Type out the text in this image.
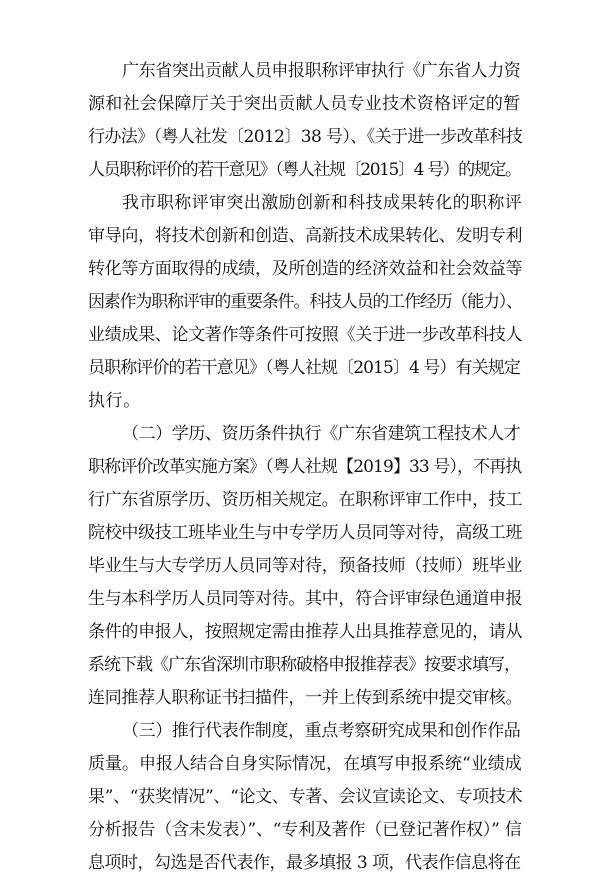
广东省突出贡献人员申报职称评审执行《广东省人力资
源和社会保障厅关于突出贡献人员专业技术资格评定的暂
行办法》（粤人社发〔2012〕38 号）、《关于进一步改革科技
人员职称评价的若干意见》（粤人社规〔2015〕4 号）的规定。
我市职称评审突出激励创新和科技成果转化的职称评
审导向，将技术创新和创造、高新技术成果转化、发明专利
转化等方面取得的成绩，及所创造的经济效益和社会效益等
因素作为职称评审的重要条件。科技人员的工作经历（能力）、
业绩成果、论文著作等条件可按照《关于进一步改革科技人
员职称评价的若干意见》（粤人社规〔2015〕4 号）有关规定
执行。
（二）学历、资历条件执行《广东省建筑工程技术人才
职称评价改革实施方案》（粤人社规【2019】33 号），不再执
行广东省原学历、资历相关规定。在职称评审工作中，技工
院校中级技工班毕业生与中专学历人员同等对待，高级工班
毕业生与大专学历人员同等对待，预备技师（技师）班毕业
生与本科学历人员同等对待。其中，符合评审绿色通道申报
条件的申报人，按照规定需由推荐人出具推荐意见的，请从
系统下载《广东省深圳市职称破格申报推荐表》按要求填写，
连同推荐人职称证书扫描件，一并上传到系统中提交审核。
（三）推行代表作制度，重点考察研究成果和创作作品
质量。申报人结合自身实际情况，在填写申报系统“业绩成
果”、“获奖情况”、“论文、专著、会议宣读论文、专项技术
分析报告（含未发表）”、“专利及著作（已登记著作权）” 信
息项时，勾选是否代表作，最多填报 3 项，代表作信息将在
